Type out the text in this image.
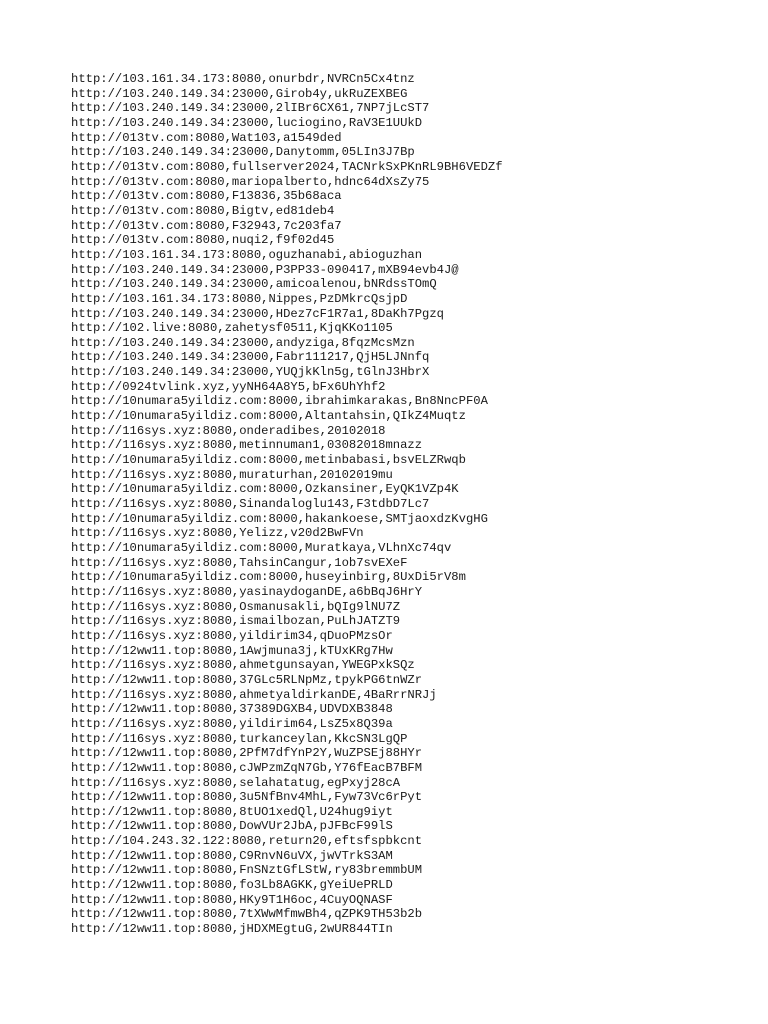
http://103.161.34.173:8080,onurbdr,NVRCn5Cx4tnz
http://103.240.149.34:23000,Girob4y,ukRuZEXBEG
http://103.240.149.34:23000,2lIBr6CX61,7NP7jLcST7
http://103.240.149.34:23000,luciogino,RaV3E1UUkD
http://013tv.com:8080,Wat103,a1549ded
http://103.240.149.34:23000,Danytomm,05LIn3J7Bp
http://013tv.com:8080,fullserver2024,TACNrkSxPKnRL9BH6VEDZf
http://013tv.com:8080,mariopalberto,hdnc64dXsZy75
http://013tv.com:8080,F13836,35b68aca
http://013tv.com:8080,Bigtv,ed81deb4
http://013tv.com:8080,F32943,7c203fa7
http://013tv.com:8080,nuqi2,f9f02d45
http://103.161.34.173:8080,oguzhanabi,abioguzhan
http://103.240.149.34:23000,P3PP33-090417,mXB94evb4J@
http://103.240.149.34:23000,amicoalenou,bNRdssTOmQ
http://103.161.34.173:8080,Nippes,PzDMkrcQsjpD
http://103.240.149.34:23000,HDez7cF1R7a1,8DaKh7Pgzq
http://102.live:8080,zahetysf0511,KjqKKo1105
http://103.240.149.34:23000,andyziga,8fqzMcsMzn
http://103.240.149.34:23000,Fabr111217,QjH5LJNnfq
http://103.240.149.34:23000,YUQjkKln5g,tGlnJ3HbrX
http://0924tvlink.xyz,yyNH64A8Y5,bFx6UhYhf2
http://10numara5yildiz.com:8000,ibrahimkarakas,Bn8NncPF0A
http://10numara5yildiz.com:8000,Altantahsin,QIkZ4Muqtz
http://116sys.xyz:8080,onderadibes,20102018
http://116sys.xyz:8080,metinnuman1,03082018mnazz
http://10numara5yildiz.com:8000,metinbabasi,bsvELZRwqb
http://116sys.xyz:8080,muraturhan,20102019mu
http://10numara5yildiz.com:8000,Ozkansiner,EyQK1VZp4K
http://116sys.xyz:8080,Sinandaloglu143,F3tdbD7Lc7
http://10numara5yildiz.com:8000,hakankoese,SMTjaoxdzKvgHG
http://116sys.xyz:8080,Yelizz,v20d2BwFVn
http://10numara5yildiz.com:8000,Muratkaya,VLhnXc74qv
http://116sys.xyz:8080,TahsinCangur,1ob7svEXeF
http://10numara5yildiz.com:8000,huseyinbirg,8UxDi5rV8m
http://116sys.xyz:8080,yasinaydoganDE,a6bBqJ6HrY
http://116sys.xyz:8080,Osmanusakli,bQIg9lNU7Z
http://116sys.xyz:8080,ismailbozan,PuLhJATZT9
http://116sys.xyz:8080,yildirim34,qDuoPMzsOr
http://12ww11.top:8080,1Awjmuna3j,kTUxKRg7Hw
http://116sys.xyz:8080,ahmetgunsayan,YWEGPxkSQz
http://12ww11.top:8080,37GLc5RLNpMz,tpykPG6tnWZr
http://116sys.xyz:8080,ahmetyaldirkanDE,4BaRrrNRJj
http://12ww11.top:8080,37389DGXB4,UDVDXB3848
http://116sys.xyz:8080,yildirim64,LsZ5x8Q39a
http://116sys.xyz:8080,turkanceylan,KkcSN3LgQP
http://12ww11.top:8080,2PfM7dfYnP2Y,WuZPSEj88HYr
http://12ww11.top:8080,cJWPzmZqN7Gb,Y76fEacB7BFM
http://116sys.xyz:8080,selahatatug,egPxyj28cA
http://12ww11.top:8080,3u5NfBnv4MhL,Fyw73Vc6rPyt
http://12ww11.top:8080,8tUO1xedQl,U24hug9iyt
http://12ww11.top:8080,DowVUr2JbA,pJFBcF99lS
http://104.243.32.122:8080,return20,eftsfspbkcnt
http://12ww11.top:8080,C9RnvN6uVX,jwVTrkS3AM
http://12ww11.top:8080,FnSNztGfLStW,ry83bremmbUM
http://12ww11.top:8080,fo3Lb8AGKK,gYeiUePRLD
http://12ww11.top:8080,HKy9T1H6oc,4CuyOQNASF
http://12ww11.top:8080,7tXWwMfmwBh4,qZPK9TH53b2b
http://12ww11.top:8080,jHDXMEgtuG,2wUR844TIn
